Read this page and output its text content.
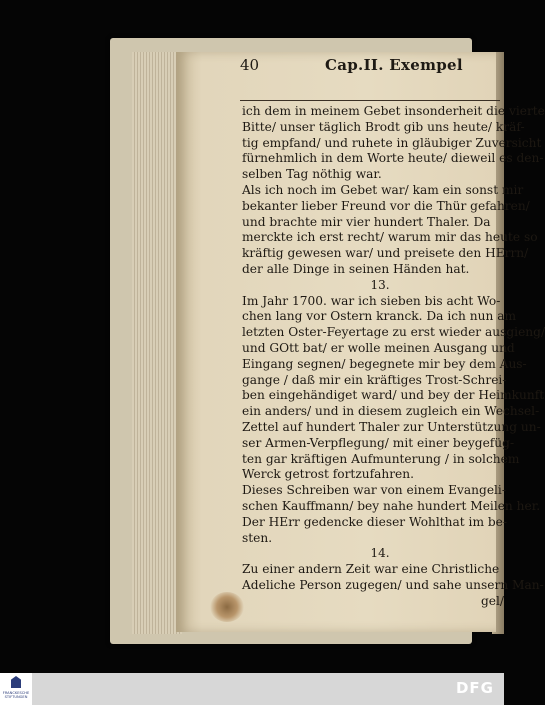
40	Cap.II. Exempel
ich dem in meinem Gebet insonderheit die vierte
Bitte/ unser täglich Brodt gib uns heute/ kräf-
tig empfand/ und ruhete in gläubiger Zuversicht
fürnehmlich in dem Worte heute/ dieweil es den-
selben Tag nöthig war.
Als ich noch im Gebet war/ kam ein sonst mir
bekanter lieber Freund vor die Thür gefahren/
und brachte mir vier hundert Thaler. Da
merckte ich erst recht/ warum mir das heute so
kräftig gewesen war/ und preisete den HErrn/
der alle Dinge in seinen Händen hat.
13.
Im Jahr 1700. war ich sieben bis acht Wo-
chen lang vor Ostern kranck. Da ich nun am
letzten Oster-Feyertage zu erst wieder ausgieng/
und GOtt bat/ er wolle meinen Ausgang und
Eingang segnen/ begegnete mir bey dem Aus-
gange / daß mir ein kräftiges Trost-Schrei-
ben eingehändiget ward/ und bey der Heimkunft
ein anders/ und in diesem zugleich ein Wechsel-
Zettel auf hundert Thaler zur Unterstützung un-
ser Armen-Verpflegung/ mit einer beygefüg-
ten gar kräftigen Aufmunterung / in solchem
Werck getrost fortzufahren.
Dieses Schreiben war von einem Evangeli-
schen Kauffmann/ bey nahe hundert Meilen her.
Der HErr gedencke dieser Wohlthat im be-
sten.
14.
Zu einer andern Zeit war eine Christliche
Adeliche Person zugegen/ und sahe unsern Man-
gel/
FRANCKESCHE STIFTUNGEN	DFG
